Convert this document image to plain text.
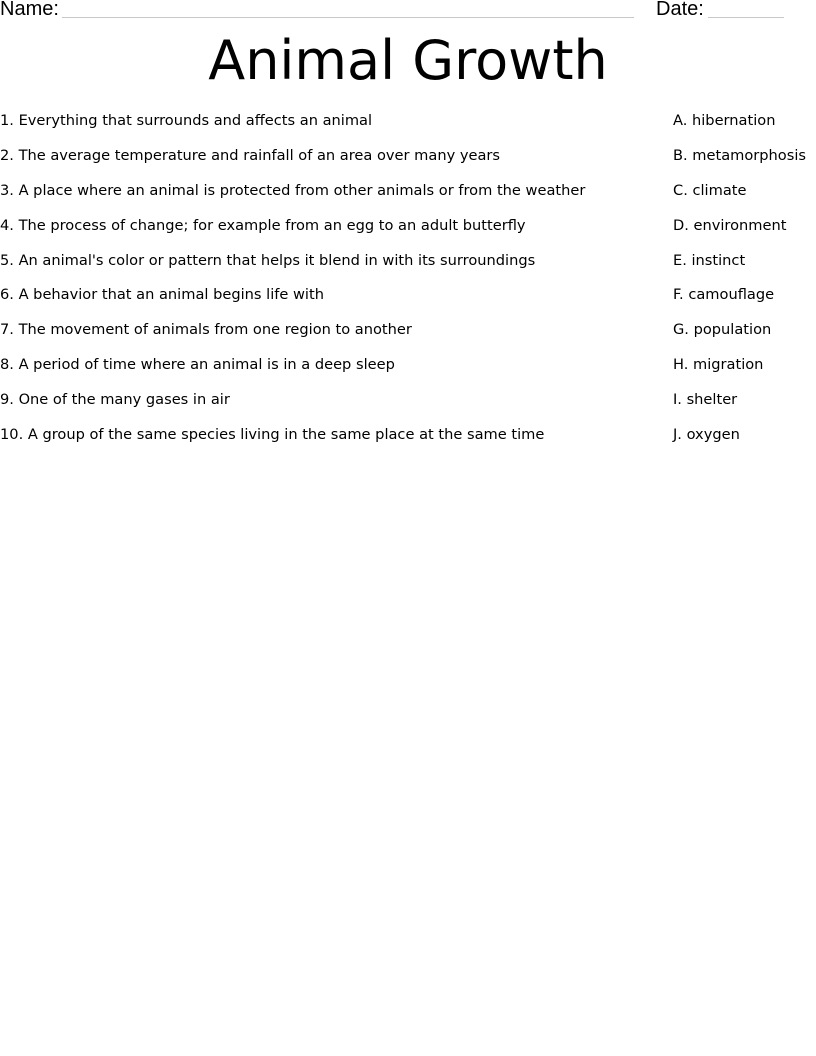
Name:	Date:
Animal Growth
1. Everything that surrounds and affects an animal	A. hibernation
2. The average temperature and rainfall of an area over many years	B. metamorphosis
3. A place where an animal is protected from other animals or from the weather	C. climate
4. The process of change; for example from an egg to an adult butterfly	D. environment
5. An animal's color or pattern that helps it blend in with its surroundings	E. instinct
6. A behavior that an animal begins life with	F. camouflage
7. The movement of animals from one region to another	G. population
8. A period of time where an animal is in a deep sleep	H. migration
9. One of the many gases in air	I. shelter
10. A group of the same species living in the same place at the same time	J. oxygen
